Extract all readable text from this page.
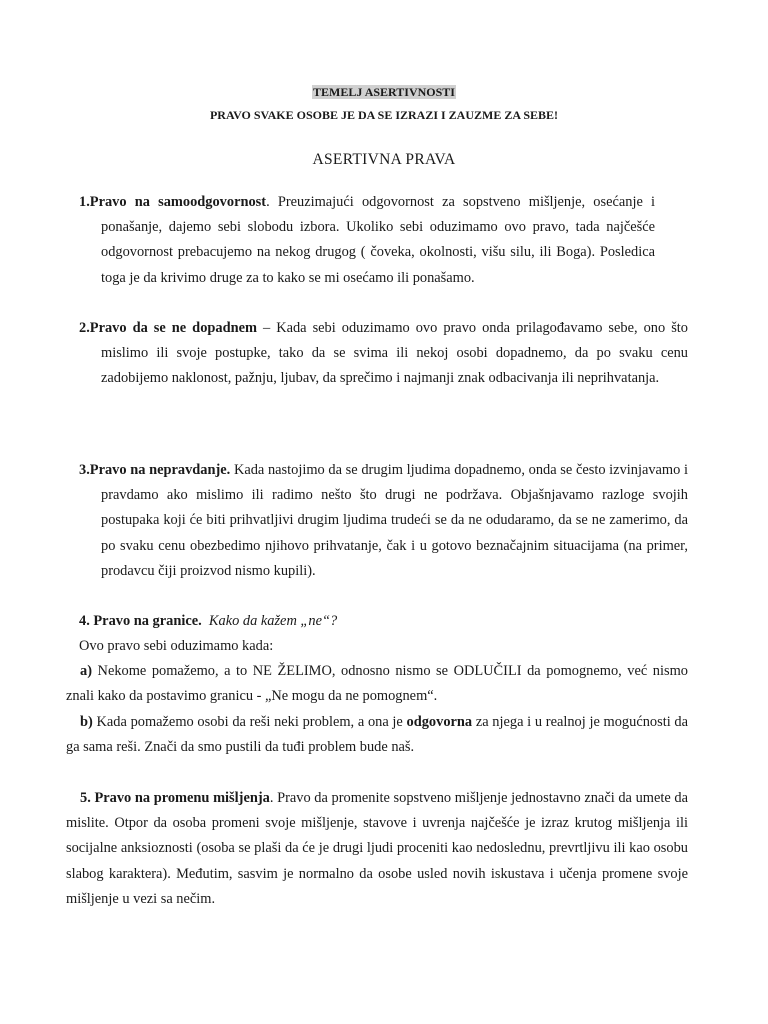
TEMELJ ASERTIVNOSTI
PRAVO SVAKE OSOBE JE DA SE IZRAZI I ZAUZME ZA SEBE!
ASERTIVNA PRAVA

1.Pravo na samoodgovornost. Preuzimajući odgovornost za sopstveno mišljenje, osećanje i ponašanje, dajemo sebi slobodu izbora. Ukoliko sebi oduzimamo ovo pravo, tada najčešće odgovornost prebacujemo na nekog drugog ( čoveka, okolnosti, višu silu, ili Boga). Posledica toga je da krivimo druge za to kako se mi osećamo ili ponašamo.

2.Pravo da se ne dopadnem – Kada sebi oduzimamo ovo pravo onda prilagođavamo sebe, ono što mislimo ili svoje postupke, tako da se svima ili nekoj osobi dopadnemo, da po svaku cenu zadobijemo naklonost, pažnju, ljubav, da sprečimo i najmanji znak odbacivanja ili neprihvatanja.

3.Pravo na nepravdanje. Kada nastojimo da se drugim ljudima dopadnemo, onda se često izvinjavamo i pravdamo ako mislimo ili radimo nešto što drugi ne podržava. Objašnjavamo razloge svojih postupaka koji će biti prihvatljivi drugim ljudima trudeći se da ne odudaramo, da se ne zamerimo, da po svaku cenu obezbedimo njihovo prihvatanje, čak i u gotovo beznačajnim situacijama (na primer, prodavcu čiji proizvod nismo kupili).

4. Pravo na granice. Kako da kažem „ne“?
Ovo pravo sebi oduzimamo kada:

a) Nekome pomažemo, a to NE ŽELIMO, odnosno nismo se ODLUČILI da pomognemo, već nismo znali kako da postavimo granicu - „Ne mogu da ne pomognem“.

b) Kada pomažemo osobi da reši neki problem, a ona je odgovorna za njega i u realnoj je mogućnosti da ga sama reši. Znači da smo pustili da tuđi problem bude naš.

5. Pravo na promenu mišljenja. Pravo da promenite sopstveno mišljenje jednostavno znači da umete da mislite. Otpor da osoba promeni svoje mišljenje, stavove i uvrenja najčešće je izraz krutog mišljenja ili socijalne anksioznosti (osoba se plaši da će je drugi ljudi proceniti kao nedoslednu, prevrtljivu ili kao osobu slabog karaktera). Međutim, sasvim je normalno da osobe usled novih iskustava i učenja promene svoje mišljenje u vezi sa nečim.
